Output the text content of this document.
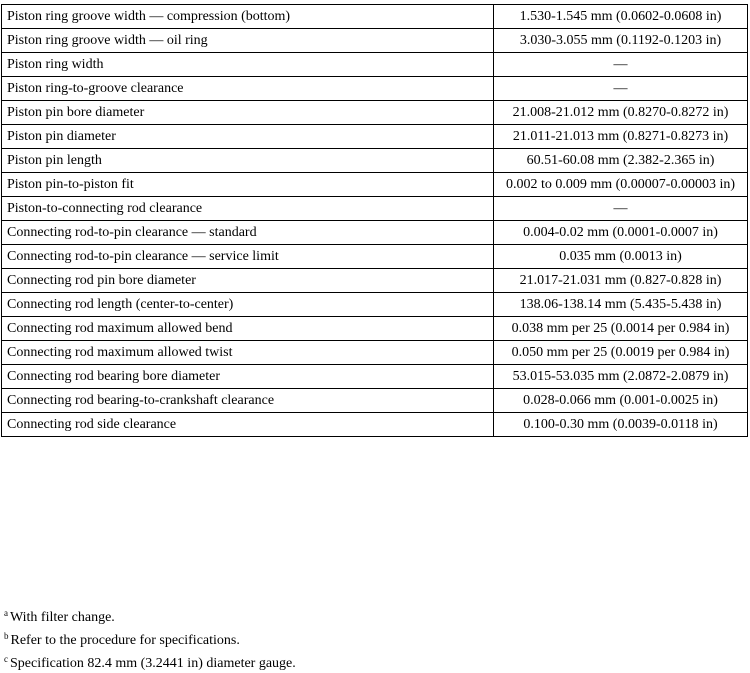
Piston ring groove width — compression (bottom)	1.530-1.545 mm (0.0602-0.0608 in)
Piston ring groove width — oil ring	3.030-3.055 mm (0.1192-0.1203 in)
Piston ring width	—
Piston ring-to-groove clearance	—
Piston pin bore diameter	21.008-21.012 mm (0.8270-0.8272 in)
Piston pin diameter	21.011-21.013 mm (0.8271-0.8273 in)
Piston pin length	60.51-60.08 mm (2.382-2.365 in)
Piston pin-to-piston fit	0.002 to 0.009 mm (0.00007-0.00003 in)
Piston-to-connecting rod clearance	—
Connecting rod-to-pin clearance — standard	0.004-0.02 mm (0.0001-0.0007 in)
Connecting rod-to-pin clearance — service limit	0.035 mm (0.0013 in)
Connecting rod pin bore diameter	21.017-21.031 mm (0.827-0.828 in)
Connecting rod length (center-to-center)	138.06-138.14 mm (5.435-5.438 in)
Connecting rod maximum allowed bend	0.038 mm per 25 (0.0014 per 0.984 in)
Connecting rod maximum allowed twist	0.050 mm per 25 (0.0019 per 0.984 in)
Connecting rod bearing bore diameter	53.015-53.035 mm (2.0872-2.0879 in)
Connecting rod bearing-to-crankshaft clearance	0.028-0.066 mm (0.001-0.0025 in)
Connecting rod side clearance	0.100-0.30 mm (0.0039-0.0118 in)
$^a$ With filter change.
$^b$ Refer to the procedure for specifications.
$^c$ Specification 82.4 mm (3.2441 in) diameter gauge.
